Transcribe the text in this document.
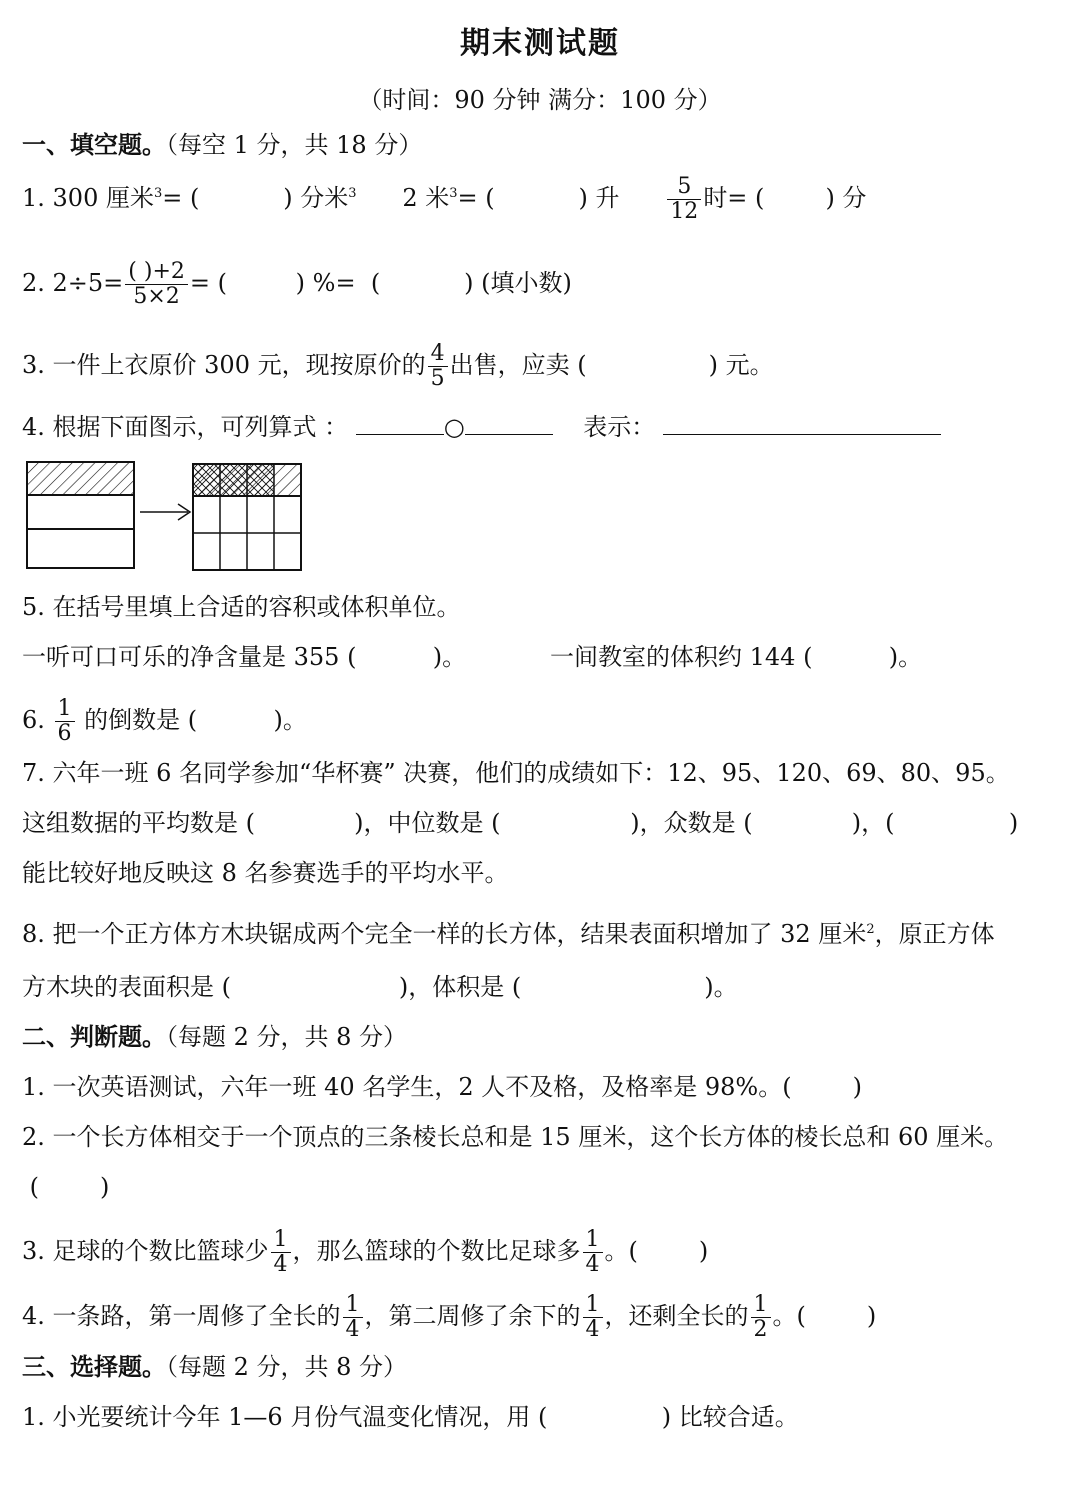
期末测试题
（时间：90 分钟 满分：100 分）
一、填空题。（每空 1 分，共 18 分）
1. 300 厘米$^3$= (           ) 分米$^3$ 2 米$^3$= (           ) 升 $\frac{5}{12}$ 时= (        ) 分
2. $2\div 5= \frac{( )+2}{5\times 2}$ = (         ) %=  (           ) (填小数)
3. 一件上衣原价 300 元，现按原价的 $\frac{4}{5}$ 出售，应卖 (                ) 元。
4. 根据下面图示，可列算式 ：	○	表示：
5. 在括号里填上合适的容积或体积单位。
一听可口可乐的净含量是 355 (          )。	一间教室的体积约 144 (          )。
6. $\frac{1}{6}$ 的倒数是 (          )。
7. 六年一班 6 名同学参加“华杯赛” 决赛，他们的成绩如下：12、95、120、69、80、95。
这组数据的平均数是 (             )，中位数是 (                 )，众数是 (             )，(               )
能比较好地反映这 8 名参赛选手的平均水平。
8. 把一个正方体方木块锯成两个完全一样的长方体，结果表面积增加了 32 厘米$^2$，原正方体
方木块的表面积是 (                      )，体积是 (                        )。
二、判断题。（每题 2 分，共 8 分）
1. 一次英语测试，六年一班 40 名学生，2 人不及格，及格率是 98%。(        )
2. 一个长方体相交于一个顶点的三条棱长总和是 15 厘米，这个长方体的棱长总和 60 厘米。
(        )
3. 足球的个数比篮球少 $\frac{1}{4}$ ，那么篮球的个数比足球多 $\frac{1}{4}$ 。(        )
4. 一条路，第一周修了全长的 $\frac{1}{4}$ ，第二周修了余下的 $\frac{1}{4}$ ，还剩全长的 $\frac{1}{2}$ 。(        )
三、选择题。（每题 2 分，共 8 分）
1. 小光要统计今年 1—6 月份气温变化情况，用 (               ) 比较合适。
